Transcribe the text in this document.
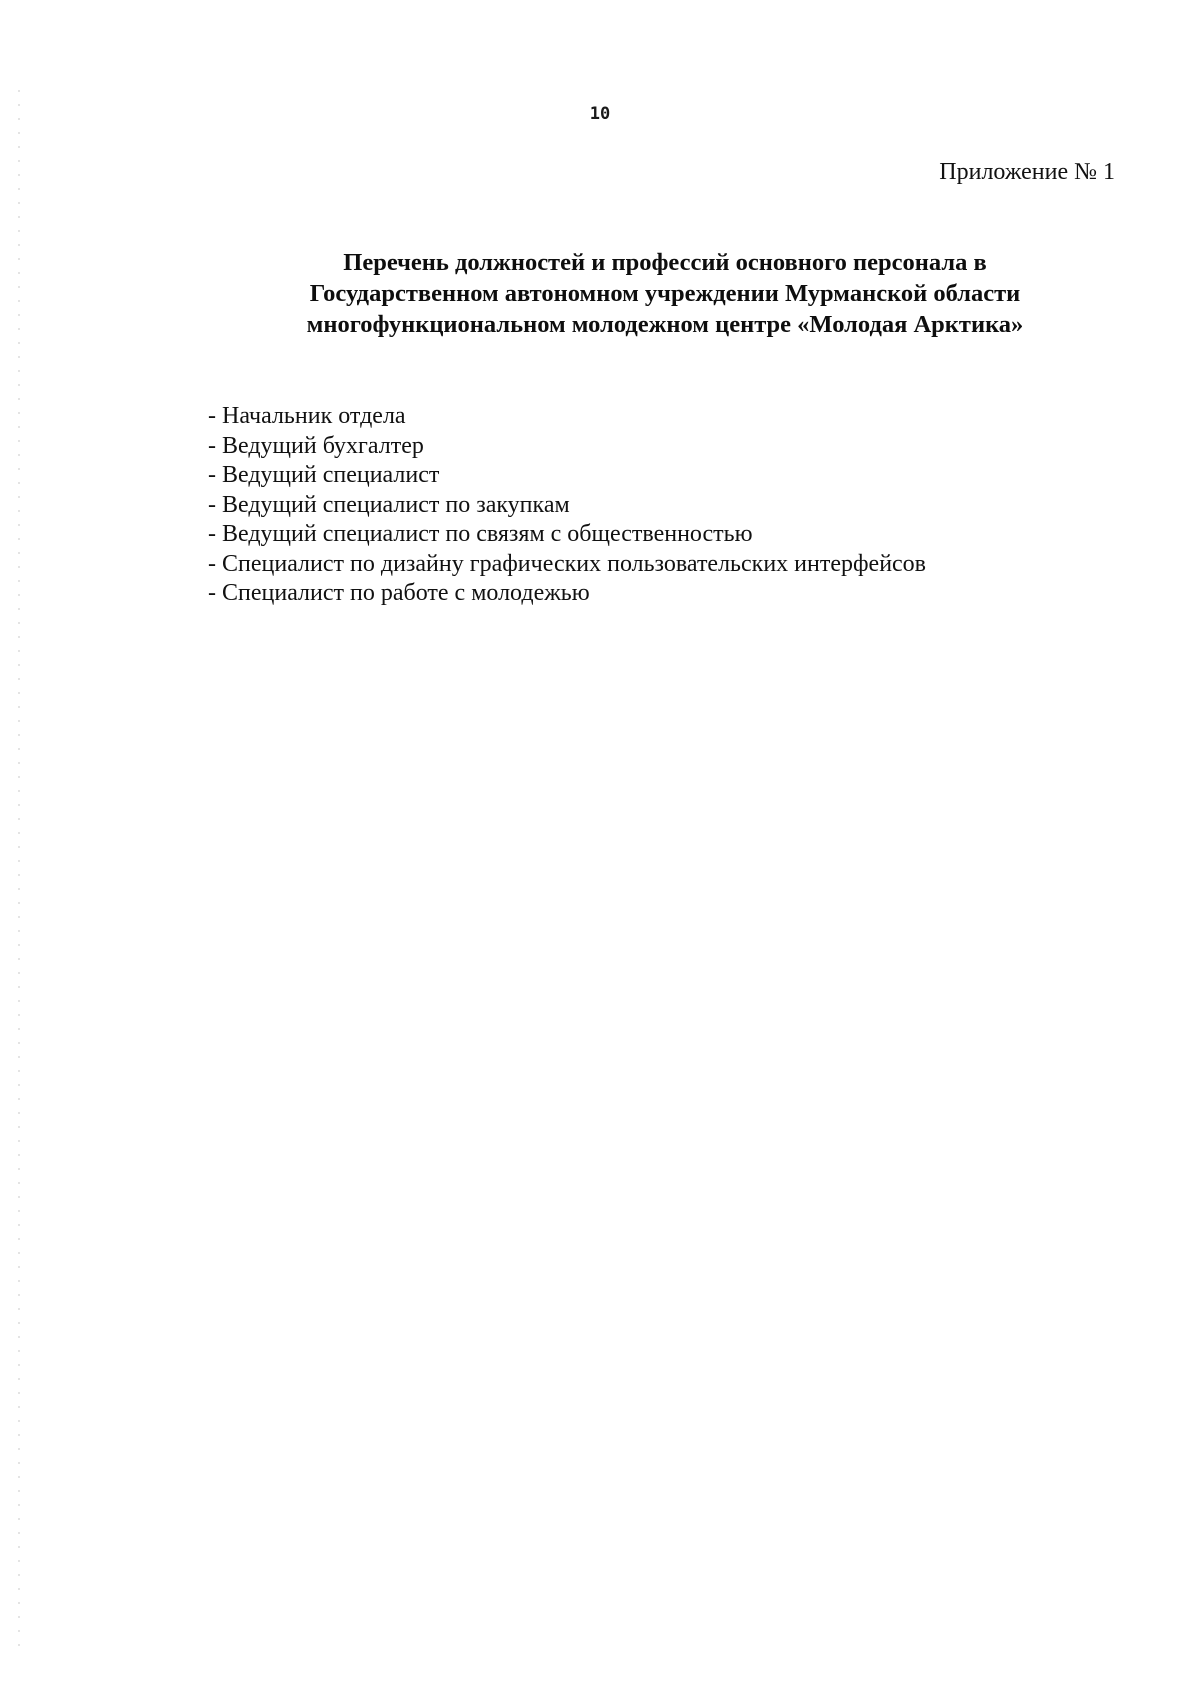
10
Приложение № 1
Перечень должностей и профессий основного персонала в
Государственном автономном учреждении Мурманской области
многофункциональном молодежном центре «Молодая Арктика»
- Начальник отдела
- Ведущий бухгалтер
- Ведущий специалист
- Ведущий специалист по закупкам
- Ведущий специалист по связям с общественностью
- Специалист по дизайну графических пользовательских интерфейсов
- Специалист по работе с молодежью
